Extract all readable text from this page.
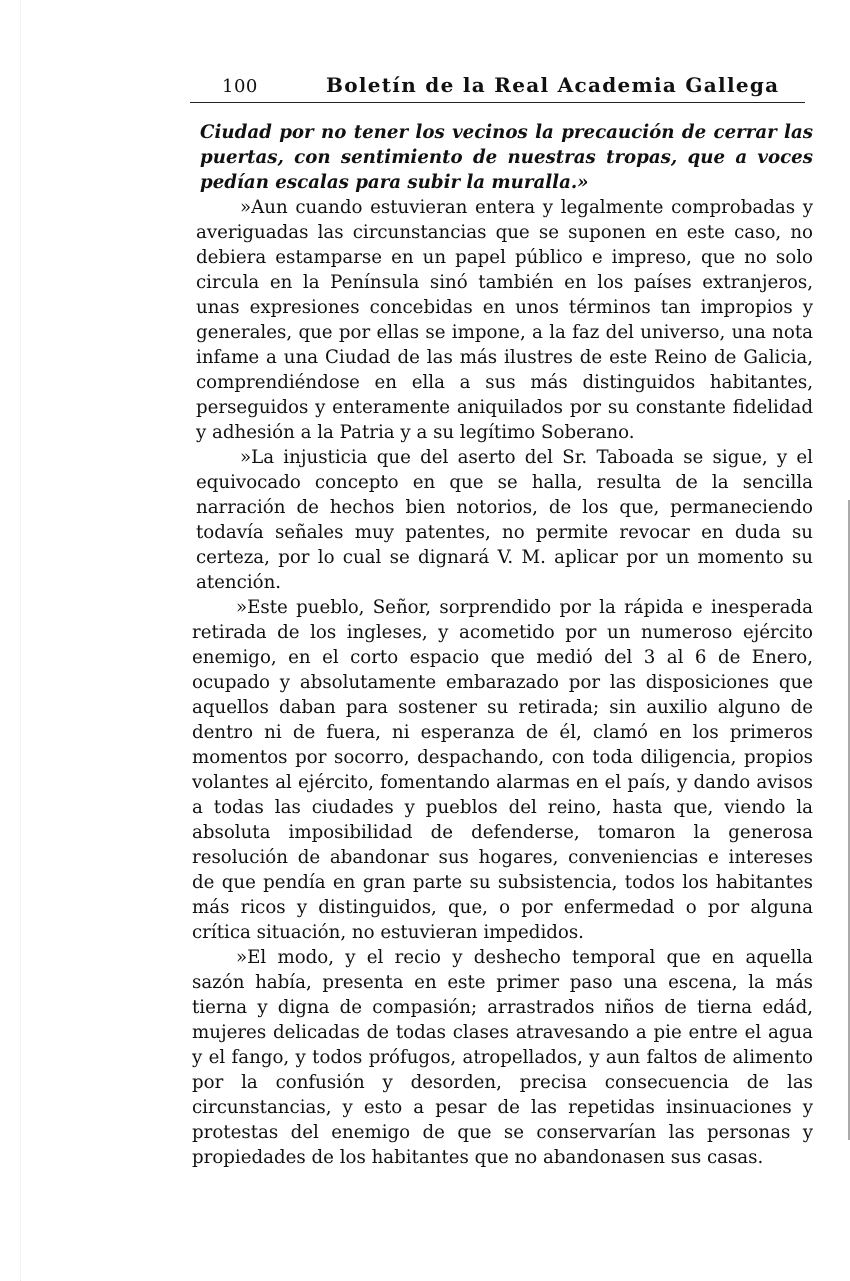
100	Boletín de la Real Academia Gallega

Ciudad por no tener los vecinos la precaución de cerrar las puertas, con sentimiento de nuestras tropas, que a voces pedían escalas para subir la muralla.»

»Aun cuando estuvieran entera y legalmente comprobadas y averiguadas las circunstancias que se suponen en este caso, no debiera estamparse en un papel público e impreso, que no solo circula en la Península sinó también en los países extranjeros, unas expresiones concebidas en unos términos tan impropios y generales, que por ellas se impone, a la faz del universo, una nota infame a una Ciudad de las más ilustres de este Reino de Galicia, comprendiéndose en ella a sus más distinguidos habitantes, perseguidos y enteramente aniquilados por su constante fidelidad y adhesión a la Patria y a su legítimo Soberano.

»La injusticia que del aserto del Sr. Taboada se sigue, y el equivocado concepto en que se halla, resulta de la sencilla narración de hechos bien notorios, de los que, permaneciendo todavía señales muy patentes, no permite revocar en duda su certeza, por lo cual se dignará V. M. aplicar por un momento su atención.

»Este pueblo, Señor, sorprendido por la rápida e inesperada retirada de los ingleses, y acometido por un numeroso ejército enemigo, en el corto espacio que medió del 3 al 6 de Enero, ocupado y absolutamente embarazado por las disposiciones que aquellos daban para sostener su retirada; sin auxilio alguno de dentro ni de fuera, ni esperanza de él, clamó en los primeros momentos por socorro, despachando, con toda diligencia, propios volantes al ejército, fomentando alarmas en el país, y dando avisos a todas las ciudades y pueblos del reino, hasta que, viendo la absoluta imposibilidad de defenderse, tomaron la generosa resolución de abandonar sus hogares, conveniencias e intereses de que pendía en gran parte su subsistencia, todos los habitantes más ricos y distinguidos, que, o por enfermedad o por alguna crítica situación, no estuvieran impedidos.

»El modo, y el recio y deshecho temporal que en aquella sazón había, presenta en este primer paso una escena, la más tierna y digna de compasión; arrastrados niños de tierna edád, mujeres delicadas de todas clases atravesando a pie entre el agua y el fango, y todos prófugos, atropellados, y aun faltos de alimento por la confusión y desorden, precisa consecuencia de las circunstancias, y esto a pesar de las repetidas insinuaciones y protestas del enemigo de que se conservarían las personas y propiedades de los habitantes que no abandonasen sus casas.
